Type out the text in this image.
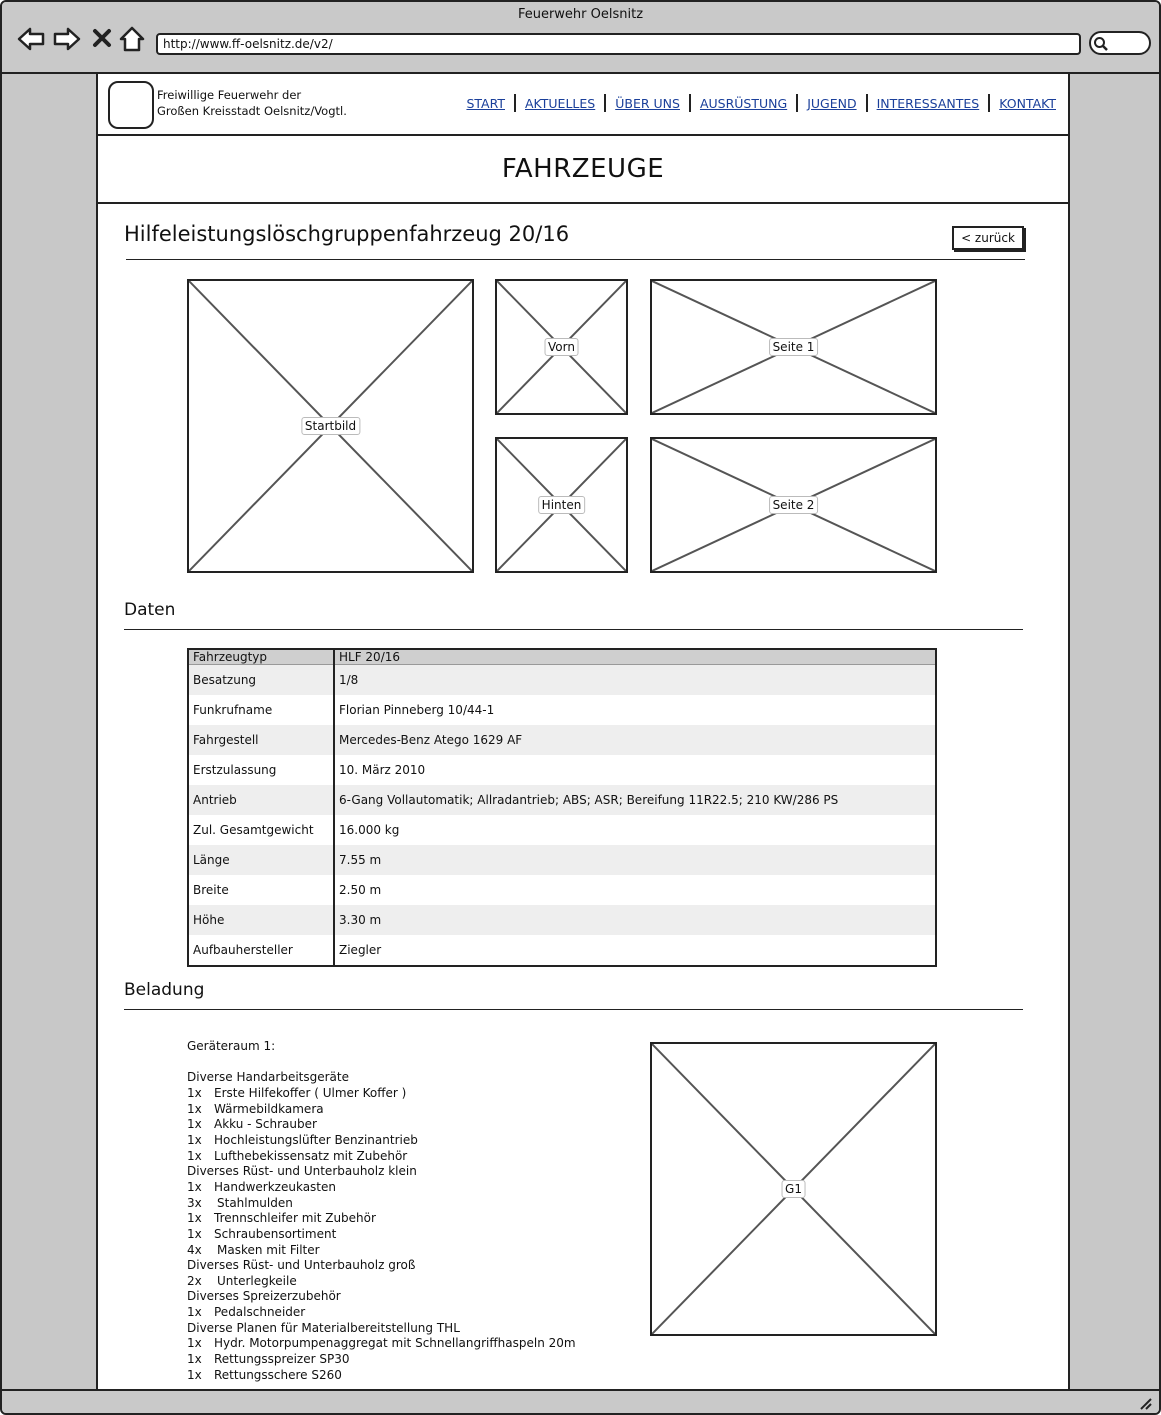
Feuerwehr Oelsnitz
http://www.ff-oelsnitz.de/v2/
Freiwillige Feuerwehr der
Großen Kreisstadt Oelsnitz/Vogtl.
START AKTUELLES ÜBER UNS AUSRÜSTUNG JUGEND INTERESSANTES KONTAKT
FAHRZEUGE
Hilfeleistungslöschgruppenfahrzeug 20/16	< zurück
Startbild
Vorn	Seite 1
Hinten	Seite 2
Daten
Fahrzeugtyp	HLF 20/16
Besatzung	1/8
Funkrufname	Florian Pinneberg 10/44-1
Fahrgestell	Mercedes-Benz Atego 1629 AF
Erstzulassung	10. März 2010
Antrieb	6-Gang Vollautomatik; Allradantrieb; ABS; ASR; Bereifung 11R22.5; 210 KW/286 PS
Zul. Gesamtgewicht	16.000 kg
Länge	7.55 m
Breite	2.50 m
Höhe	3.30 m
Aufbauhersteller	Ziegler
Beladung
Geräteraum 1:
Diverse Handarbeitsgeräte
1x Erste Hilfekoffer ( Ulmer Koffer )
1x Wärmebildkamera
1x Akku - Schrauber
1x Hochleistungslüfter Benzinantrieb
1x Lufthebekissensatz mit Zubehör
Diverses Rüst- und Unterbauholz klein
1x Handwerkzeukasten
3x Stahlmulden
1x Trennschleifer mit Zubehör
1x Schraubensortiment
4x Masken mit Filter
Diverses Rüst- und Unterbauholz groß
2x Unterlegkeile
Diverses Spreizerzubehör
1x Pedalschneider
Diverse Planen für Materialbereitstellung THL
1x Hydr. Motorpumpenaggregat mit Schnellangriffhaspeln 20m
1x Rettungsspreizer SP30
1x Rettungsschere S260
G1
